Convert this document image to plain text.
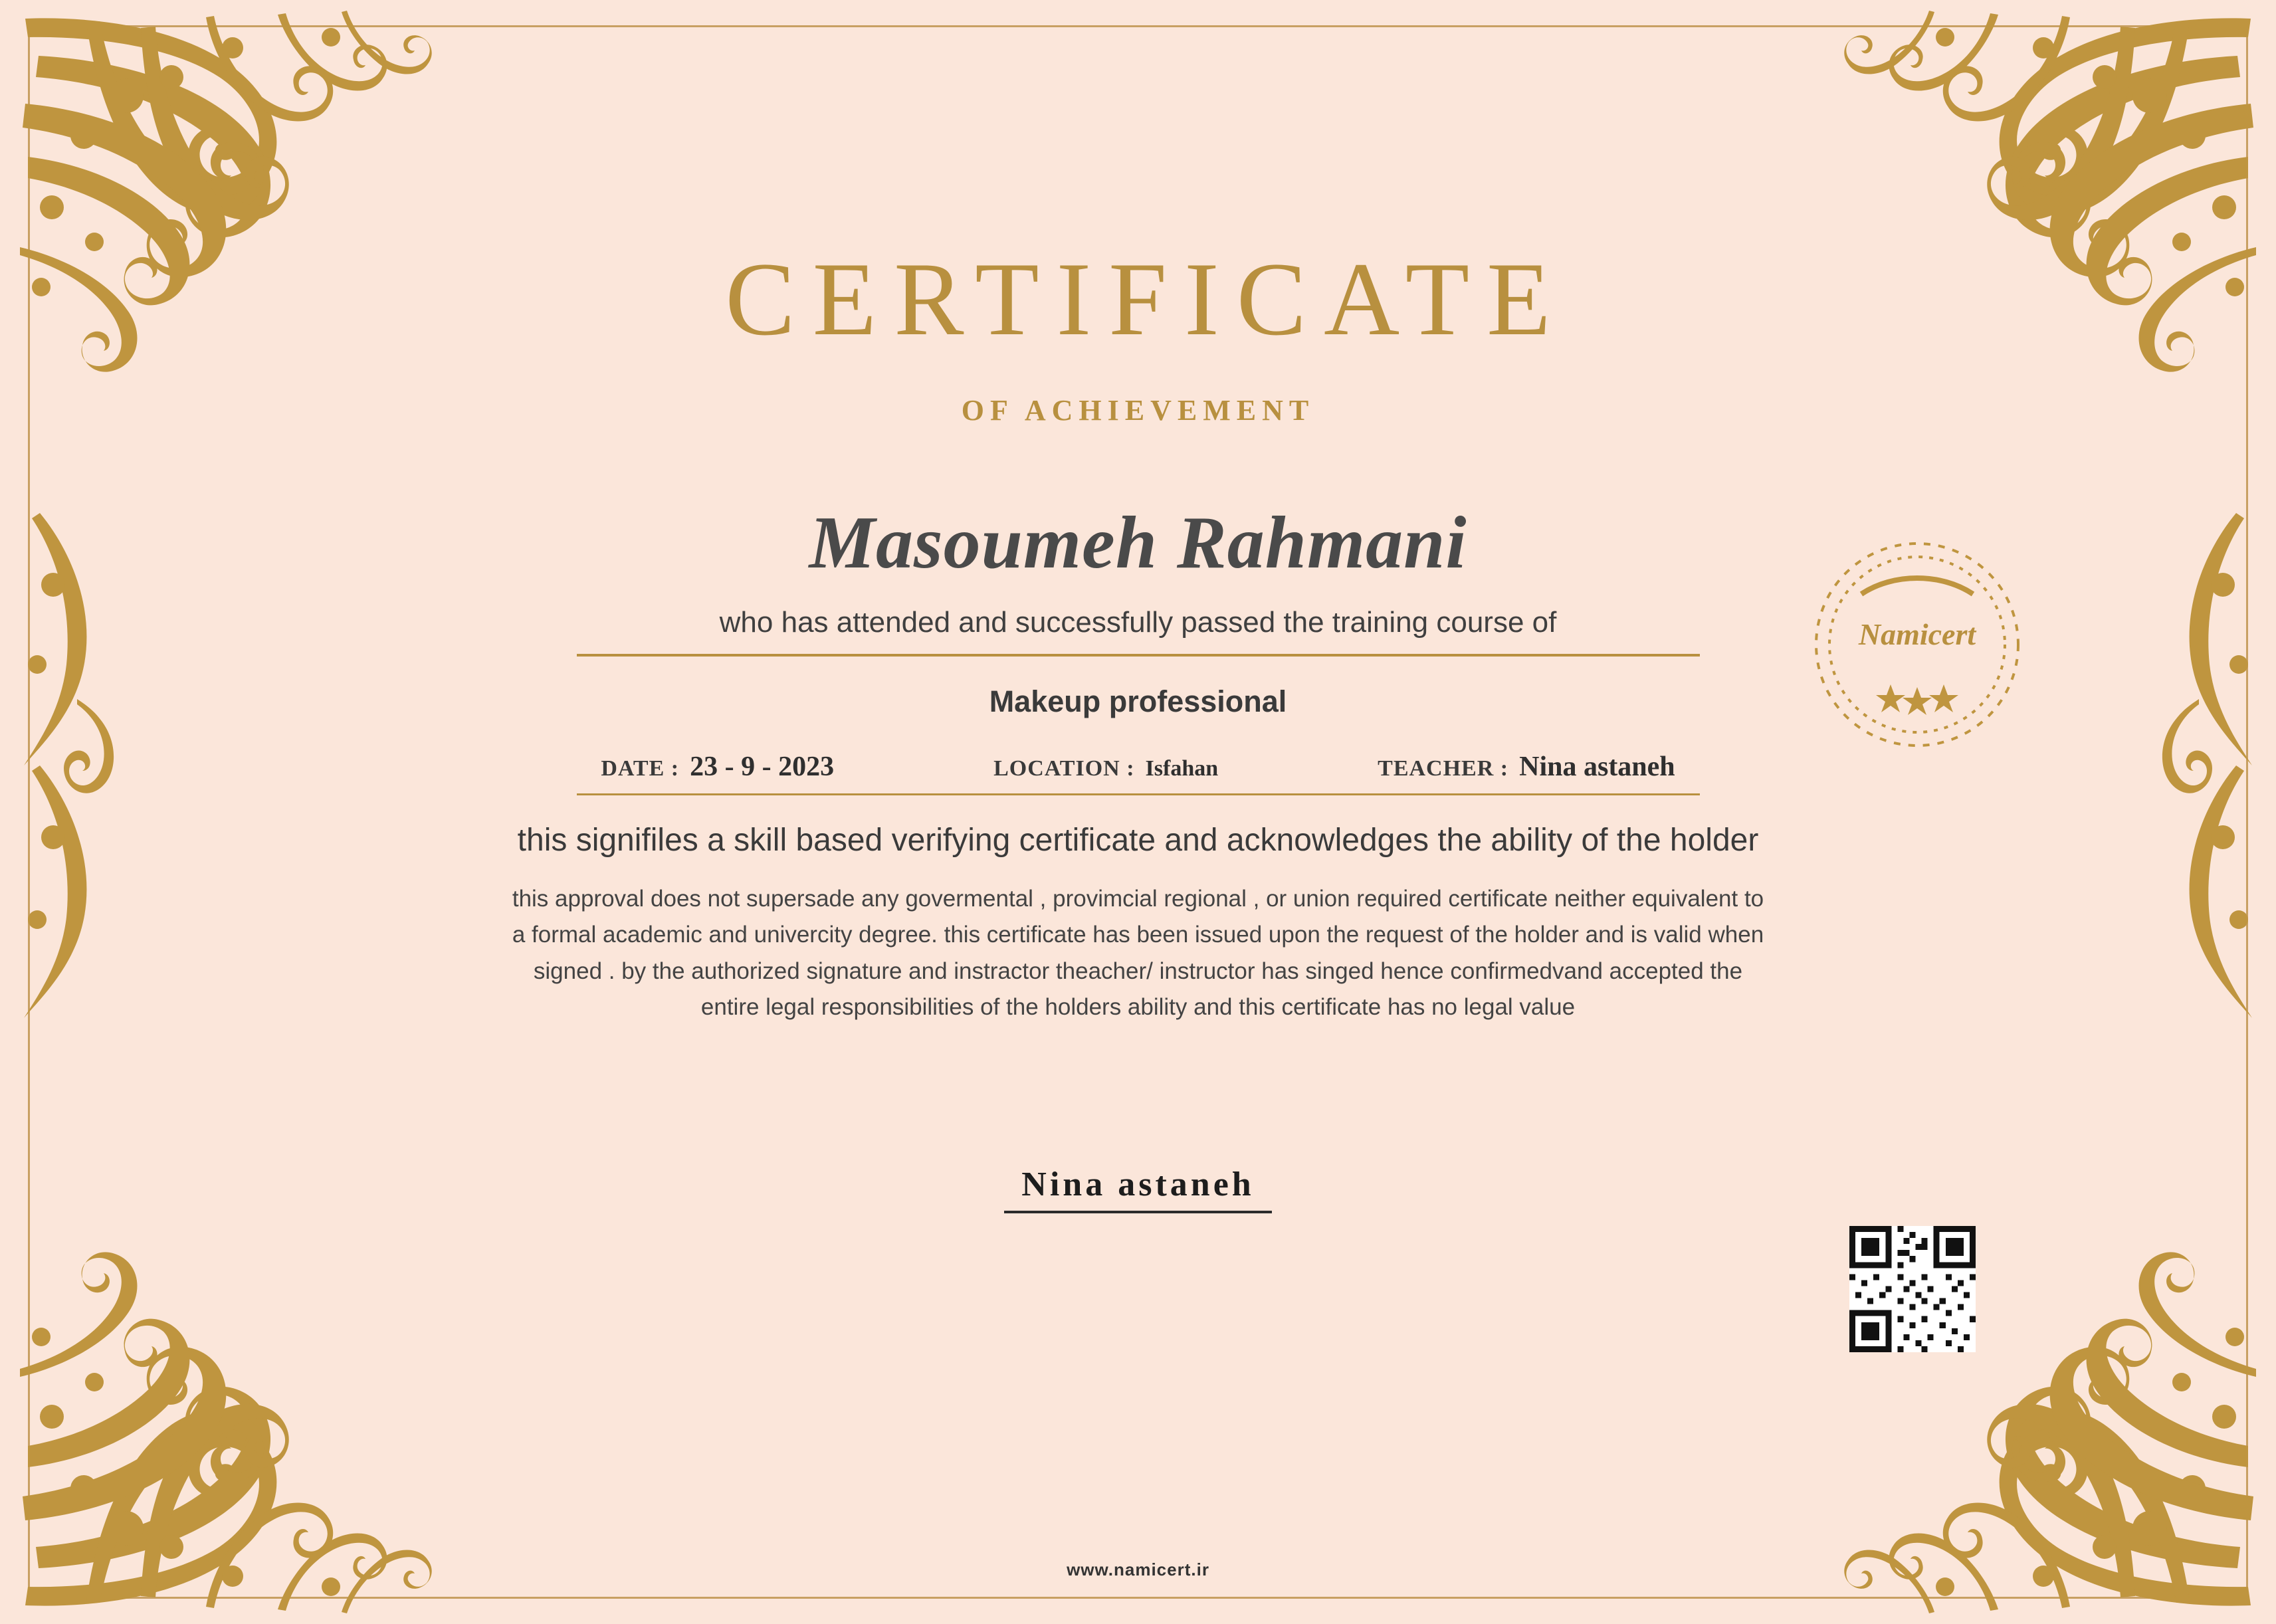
Namicert
CERTIFICATE
OF ACHIEVEMENT
Masoumeh Rahmani
who has attended and successfully passed the training course of
Makeup professional
DATE : 23 - 9 - 2023	LOCATION : Isfahan	TEACHER : Nina astaneh
this signifiles a skill based verifying certificate and acknowledges the ability of the holder
this approval does not supersade any govermental , provimcial regional , or union required certificate neither equivalent to a formal academic and univercity degree. this certificate has been issued upon the request of the holder and is valid when signed . by the authorized signature and instractor theacher/ instructor has singed hence confirmedvand accepted the entire legal responsibilities of the holders ability and this certificate has no legal value
Nina astaneh
www.namicert.ir
